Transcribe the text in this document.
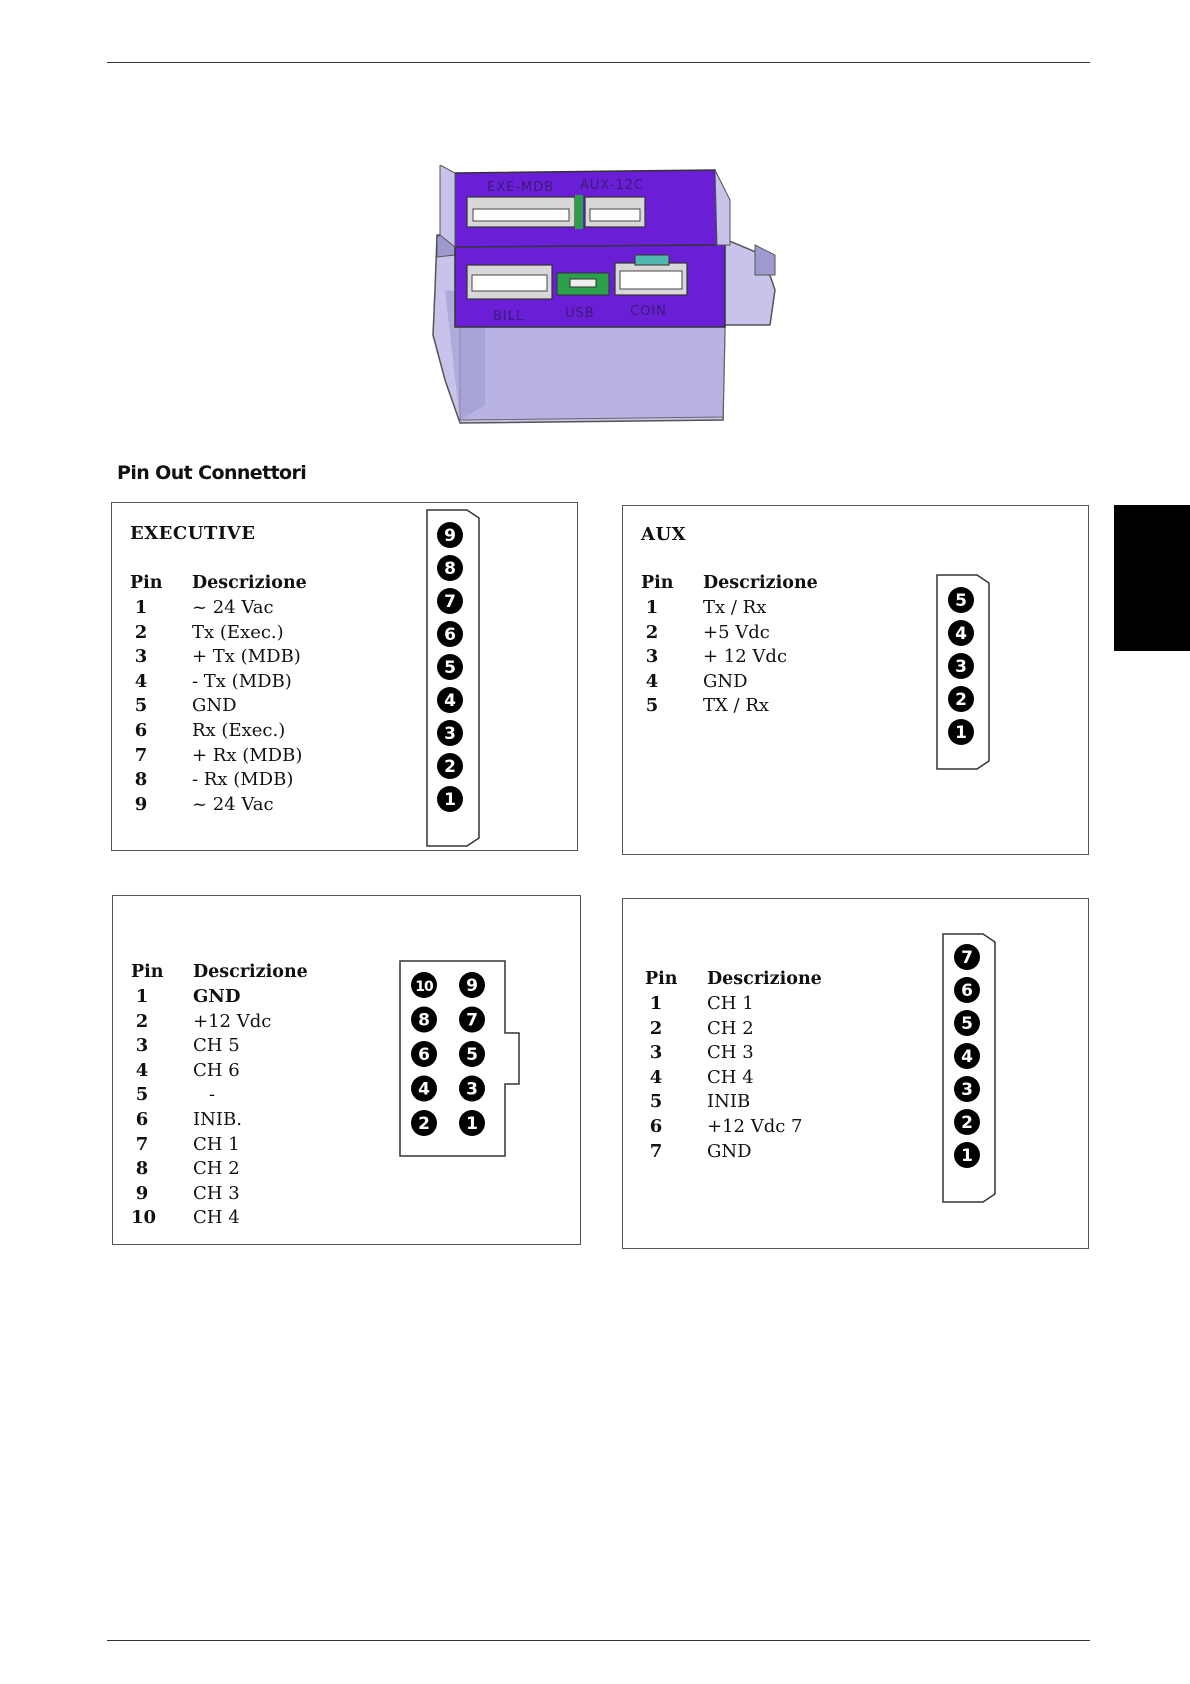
EXE-MDB AUX-12C
BILL	USB	COIN
Pin Out Connettori
EXECUTIVE
Pin Descrizione
1 ~ 24 Vac
2 Tx (Exec.)
3 + Tx (MDB)
4 - Tx (MDB)
5 GND
6 Rx (Exec.)
7 + Rx (MDB)
8 - Rx (MDB)
9 ~ 24 Vac
9
8
7
6
5
4
3
2
1
AUX
Pin Descrizione
1 Tx / Rx
2 +5 Vdc
3 + 12 Vdc
4 GND
5 TX / Rx
5
4
3
2
1
Pin Descrizione
1 GND
2 +12 Vdc
3 CH 5
4 CH 6
5	-
6 INIB.
7 CH 1
8 CH 2
9 CH 3
10 CH 4
10 9
8 7
6 5
4 3
2 1
Pin Descrizione
1 CH 1
2 CH 2
3 CH 3
4 CH 4
5 INIB
6 +12 Vdc 7
7 GND
7
6
5
4
3
2
1
